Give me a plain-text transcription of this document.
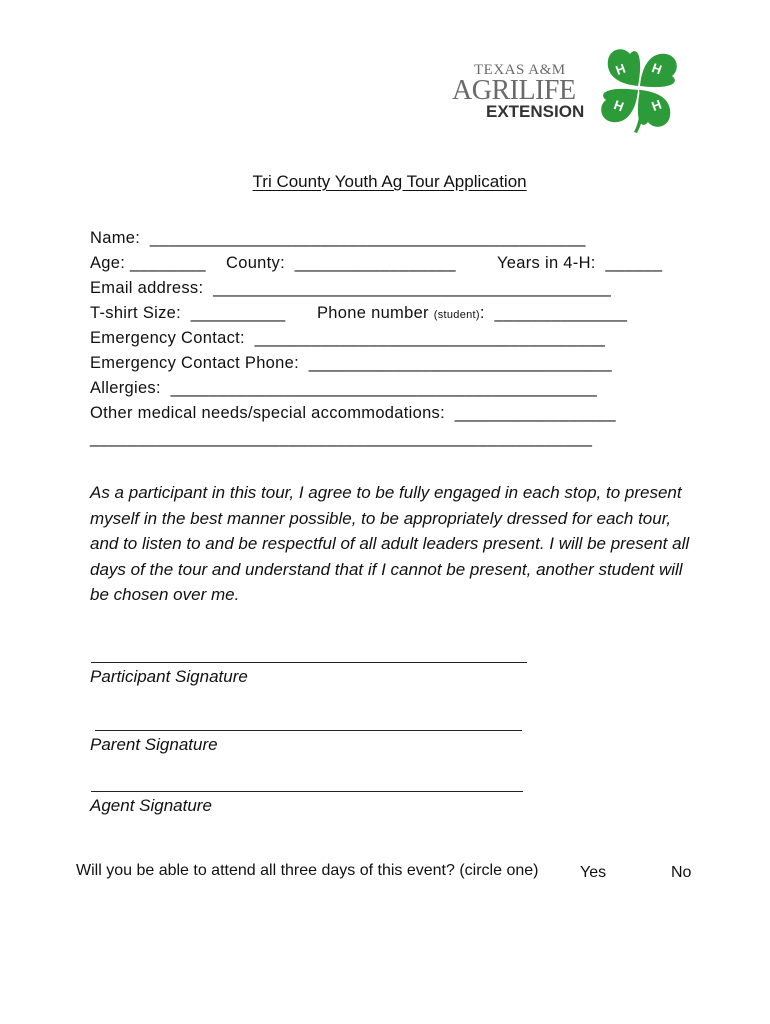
TEXAS A&M
AGRILIFE
EXTENSION
H H
H H

Tri County Youth Ag Tour Application

Name:  ______________________________________________
Age: ________ County:  _________________ Years in 4-H:  ______
Email address:  __________________________________________
T-shirt Size:  __________ Phone number (student):  ______________
Emergency Contact:  _____________________________________
Emergency Contact Phone:  ________________________________
Allergies:  _____________________________________________
Other medical needs/special accommodations:  _________________
_____________________________________________________
As a participant in this tour, I agree to be fully engaged in each stop, to present myself in the best manner possible, to be appropriately dressed for each tour, and to listen to and be respectful of all adult leaders present. I will be present all days of the tour and understand that if I cannot be present, another student will be chosen over me.
Participant Signature
Parent Signature
Agent Signature
Will you be able to attend all three days of this event? (circle one)	Yes	No
